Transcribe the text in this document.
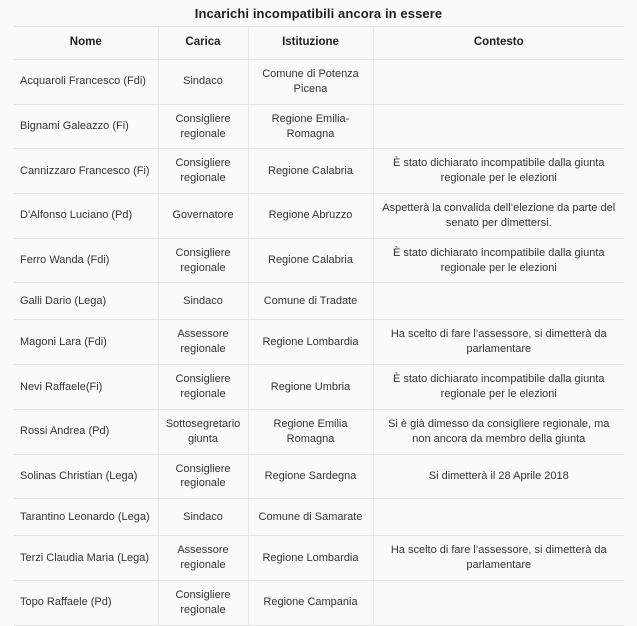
Incarichi incompatibili ancora in essere
Nome	Carica	Istituzione	Contesto
Acquaroli Francesco (Fdi)	Sindaco	Comune di Potenza Picena	
Bignami Galeazzo (Fi)	Consigliere regionale	Regione Emilia-Romagna	
Cannizzaro Francesco (Fi)	Consigliere regionale	Regione Calabria	È stato dichiarato incompatibile dalla giunta regionale per le elezioni
D'Alfonso Luciano (Pd)	Governatore	Regione Abruzzo	Aspetterà la convalida dell’elezione da parte del senato per dimettersi.
Ferro Wanda (Fdi)	Consigliere regionale	Regione Calabria	È stato dichiarato incompatibile dalla giunta regionale per le elezioni
Galli Dario (Lega)	Sindaco	Comune di Tradate	
Magoni Lara (Fdi)	Assessore regionale	Regione Lombardia	Ha scelto di fare l’assessore, si dimetterà da parlamentare
Nevi Raffaele(Fi)	Consigliere regionale	Regione Umbria	È stato dichiarato incompatibile dalla giunta regionale per le elezioni
Rossi Andrea (Pd)	Sottosegretario giunta	Regione Emilia Romagna	Si è già dimesso da consigliere regionale, ma non ancora da membro della giunta
Solinas Christian (Lega)	Consigliere regionale	Regione Sardegna	Si dimetterà il 28 Aprile 2018
Tarantino Leonardo (Lega)	Sindaco	Comune di Samarate	
Terzi Claudia Maria (Lega)	Assessore regionale	Regione Lombardia	Ha scelto di fare l’assessore, si dimetterà da parlamentare
Topo Raffaele (Pd)	Consigliere regionale	Regione Campania	
